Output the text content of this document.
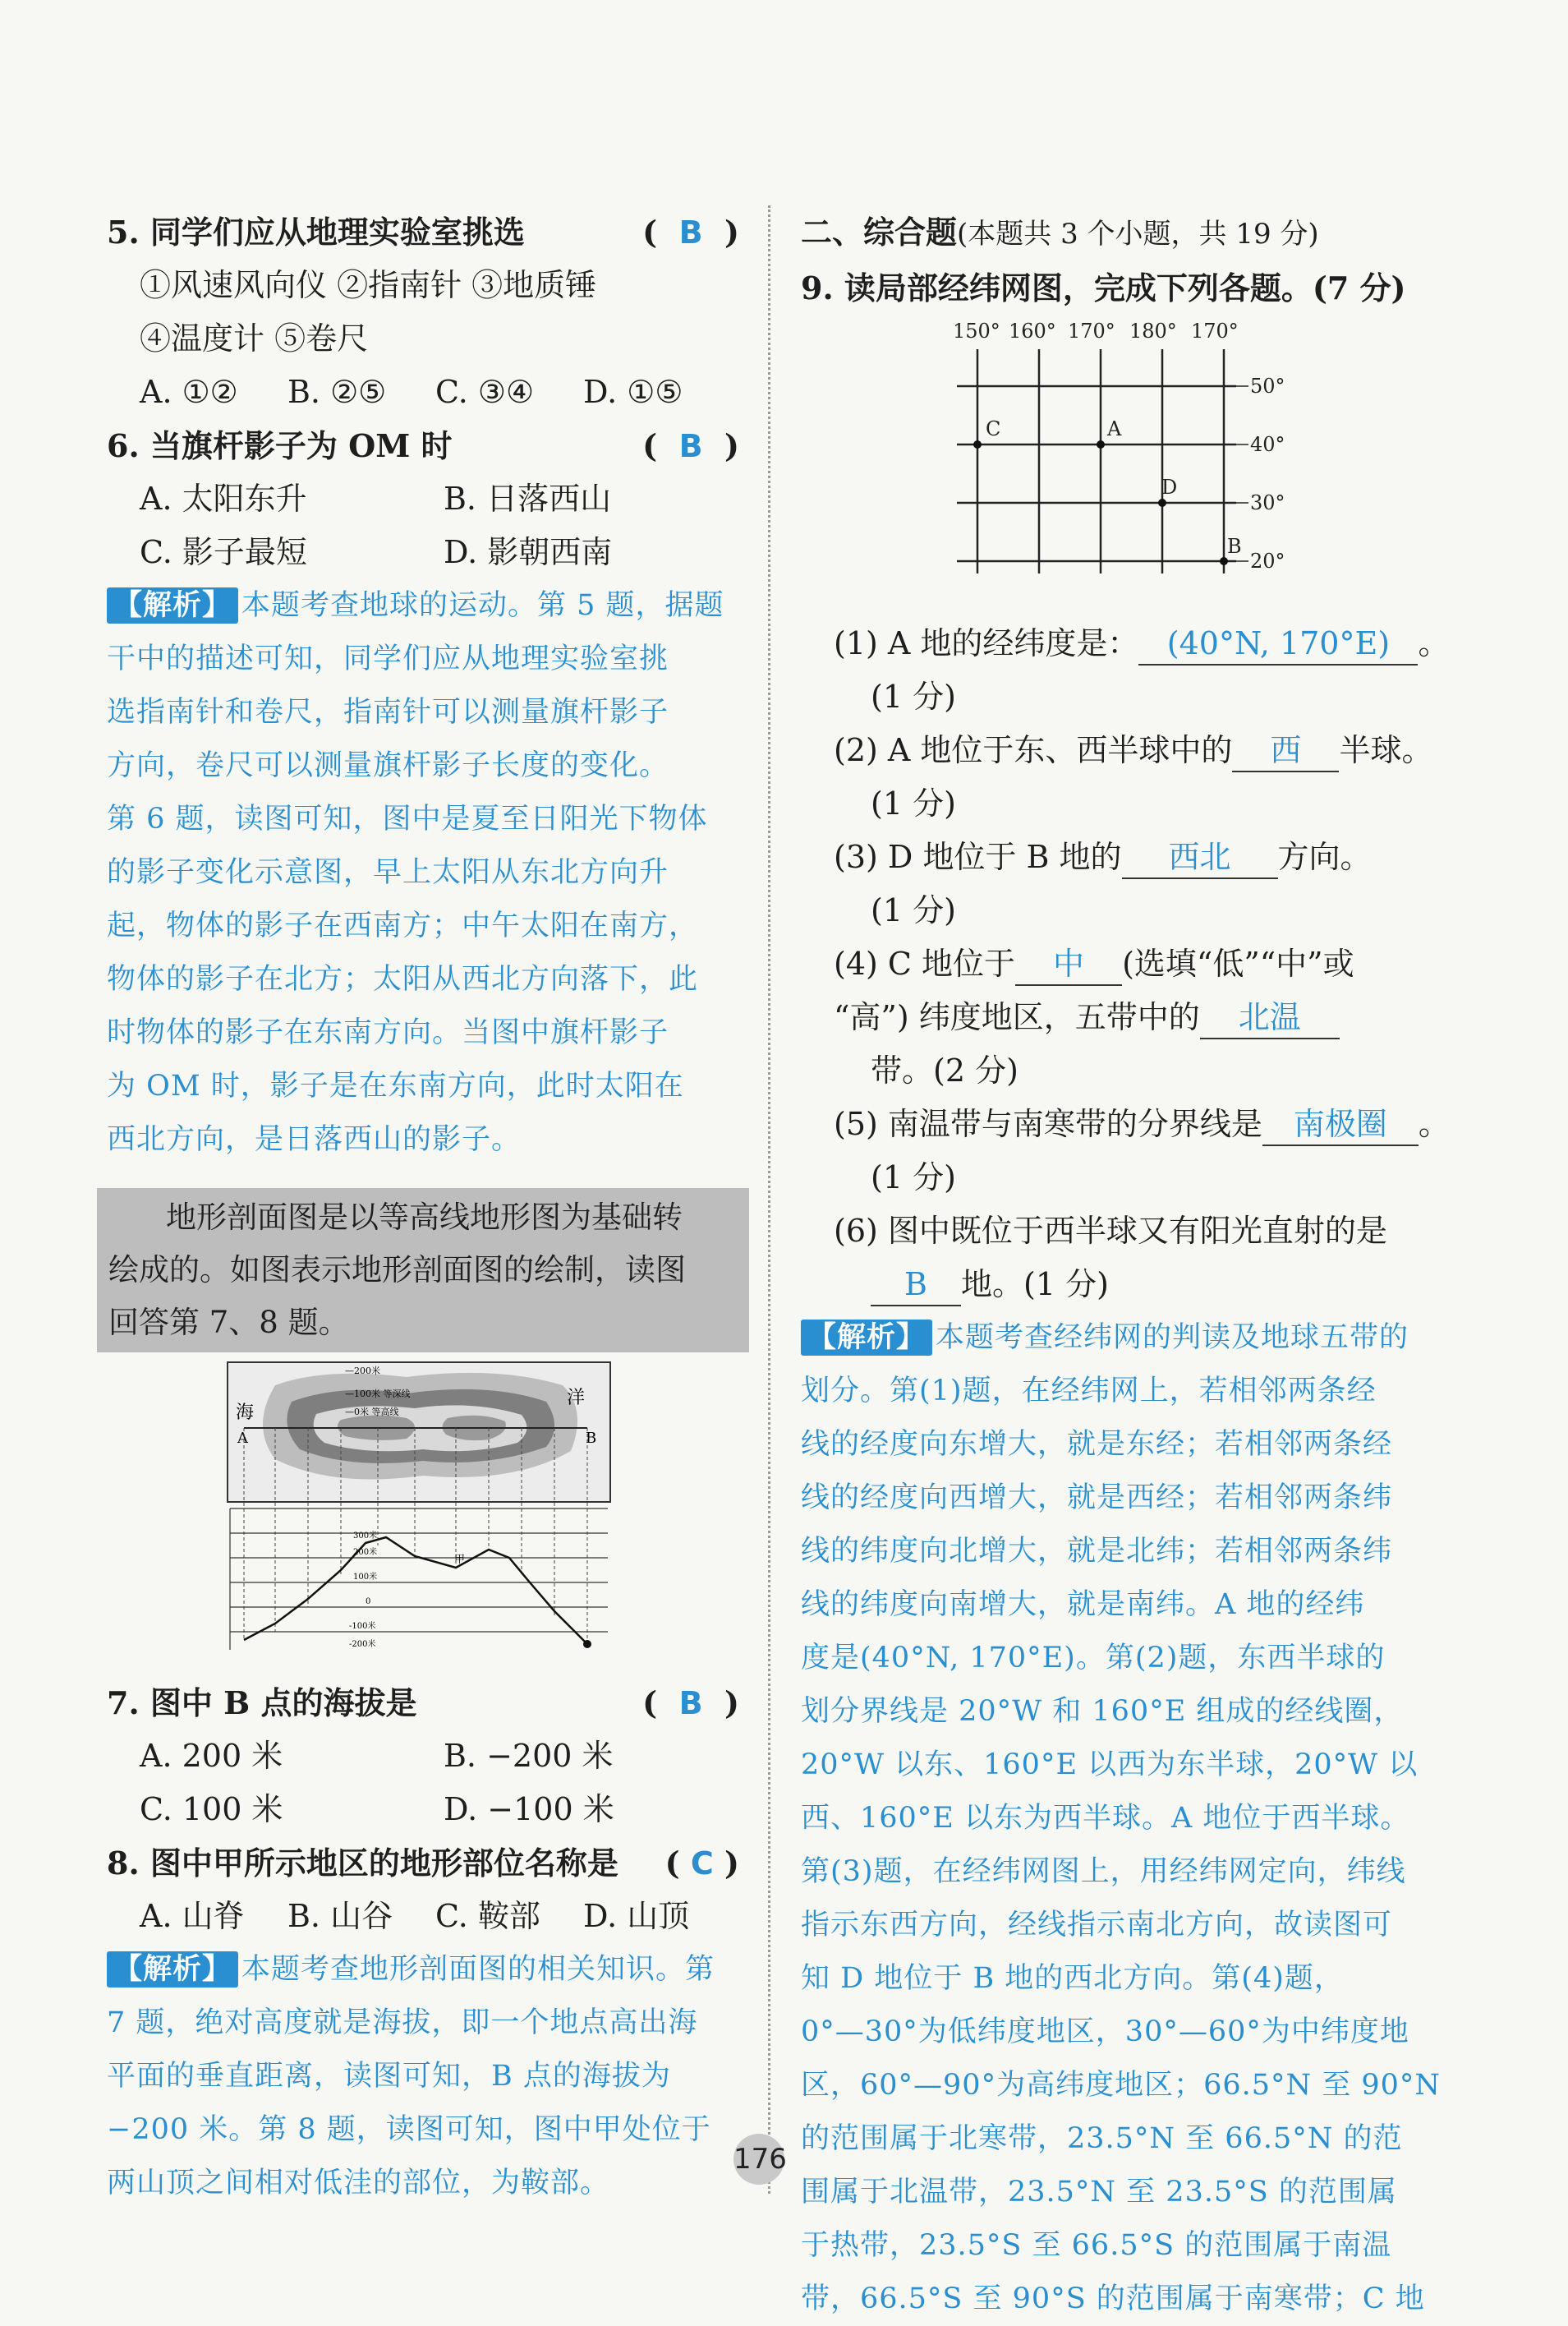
5. 同学们应从地理实验室挑选	(  B  )
①风速风向仪 ②指南针 ③地质锤
④温度计 ⑤卷尺
A. ①② B. ②⑤ C. ③④ D. ①⑤
6. 当旗杆影子为 OM 时	(  B  )
A. 太阳东升	B. 日落西山
C. 影子最短	D. 影朝西南
【解析】 本题考查地球的运动。第 5 题，据题
干中的描述可知，同学们应从地理实验室挑
选指南针和卷尺，指南针可以测量旗杆影子
方向，卷尺可以测量旗杆影子长度的变化。
第 6 题，读图可知，图中是夏至日阳光下物体
的影子变化示意图，早上太阳从东北方向升
起，物体的影子在西南方；中午太阳在南方，
物体的影子在北方；太阳从西北方向落下，此
时物体的影子在东南方向。当图中旗杆影子
为 OM 时，影子是在东南方向，此时太阳在
西北方向，是日落西山的影子。
地形剖面图是以等高线地形图为基础转
绘成的。如图表示地形剖面图的绘制，读图
回答第 7、8 题。
海
洋
A	B
—200米
—100米 等深线
—0米 等高线
甲
300米
200米
100米
0
-100米
-200米
7. 图中 B 点的海拔是	(  B  )
A. 200 米	B. −200 米
C. 100 米	D. −100 米
8. 图中甲所示地区的地形部位名称是 ( C )
A. 山脊 B. 山谷 C. 鞍部 D. 山顶
【解析】 本题考查地形剖面图的相关知识。第
7 题，绝对高度就是海拔，即一个地点高出海
平面的垂直距离，读图可知，B 点的海拔为
−200 米。第 8 题，读图可知，图中甲处位于
两山顶之间相对低洼的部位，为鞍部。
二、综合题(本题共 3 个小题，共 19 分)
9. 读局部经纬网图，完成下列各题。(7 分)
150° 160° 170° 180° 170°
50°
40°
30°
20°
C	A
D
B
(1) A 地的经纬度是： (40°N, 170°E) 。
(1 分)
(2) A 地位于东、西半球中的 西 半球。
(1 分)
(3) D 地位于 B 地的 西北 方向。
(1 分)
(4) C 地位于 中 (选填“低”“中”或
“高”) 纬度地区，五带中的 北温
带。(2 分)
(5) 南温带与南寒带的分界线是 南极圈 。
(1 分)
(6) 图中既位于西半球又有阳光直射的是
B 地。(1 分)
【解析】 本题考查经纬网的判读及地球五带的
划分。第(1)题，在经纬网上，若相邻两条经
线的经度向东增大，就是东经；若相邻两条经
线的经度向西增大，就是西经；若相邻两条纬
线的纬度向北增大，就是北纬；若相邻两条纬
线的纬度向南增大，就是南纬。A 地的经纬
度是(40°N, 170°E)。第(2)题，东西半球的
划分界线是 20°W 和 160°E 组成的经线圈，
20°W 以东、160°E 以西为东半球，20°W 以
西、160°E 以东为西半球。A 地位于西半球。
第(3)题，在经纬网图上，用经纬网定向，纬线
指示东西方向，经线指示南北方向，故读图可
知 D 地位于 B 地的西北方向。第(4)题，
0°—30°为低纬度地区，30°—60°为中纬度地
区，60°—90°为高纬度地区；66.5°N 至 90°N
的范围属于北寒带，23.5°N 至 66.5°N 的范
围属于北温带，23.5°N 至 23.5°S 的范围属
于热带，23.5°S 至 66.5°S 的范围属于南温
带，66.5°S 至 90°S 的范围属于南寒带；C 地
176
